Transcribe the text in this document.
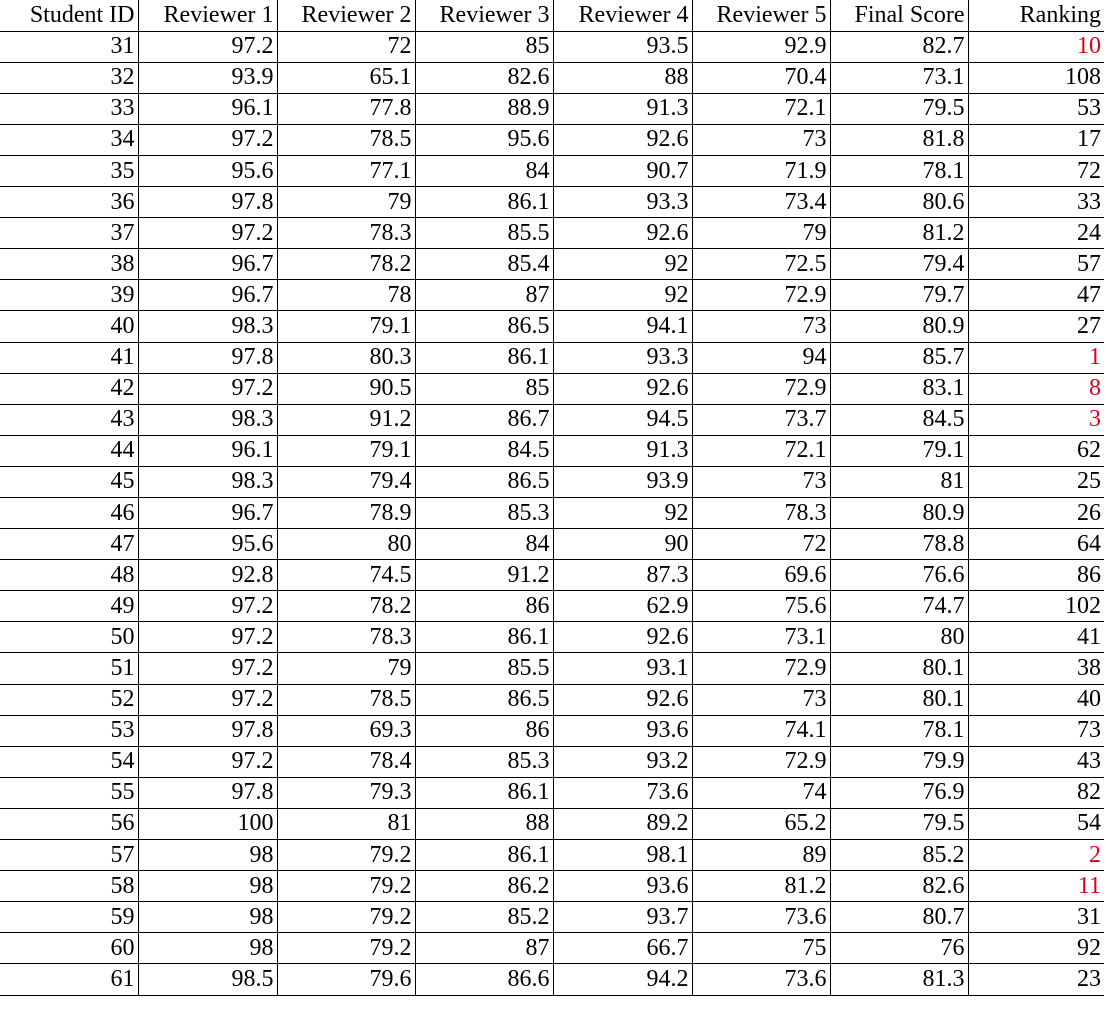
Student ID	Reviewer 1	Reviewer 2	Reviewer 3	Reviewer 4	Reviewer 5	Final Score	Ranking
31	97.2	72	85	93.5	92.9	82.7	10
32	93.9	65.1	82.6	88	70.4	73.1	108
33	96.1	77.8	88.9	91.3	72.1	79.5	53
34	97.2	78.5	95.6	92.6	73	81.8	17
35	95.6	77.1	84	90.7	71.9	78.1	72
36	97.8	79	86.1	93.3	73.4	80.6	33
37	97.2	78.3	85.5	92.6	79	81.2	24
38	96.7	78.2	85.4	92	72.5	79.4	57
39	96.7	78	87	92	72.9	79.7	47
40	98.3	79.1	86.5	94.1	73	80.9	27
41	97.8	80.3	86.1	93.3	94	85.7	1
42	97.2	90.5	85	92.6	72.9	83.1	8
43	98.3	91.2	86.7	94.5	73.7	84.5	3
44	96.1	79.1	84.5	91.3	72.1	79.1	62
45	98.3	79.4	86.5	93.9	73	81	25
46	96.7	78.9	85.3	92	78.3	80.9	26
47	95.6	80	84	90	72	78.8	64
48	92.8	74.5	91.2	87.3	69.6	76.6	86
49	97.2	78.2	86	62.9	75.6	74.7	102
50	97.2	78.3	86.1	92.6	73.1	80	41
51	97.2	79	85.5	93.1	72.9	80.1	38
52	97.2	78.5	86.5	92.6	73	80.1	40
53	97.8	69.3	86	93.6	74.1	78.1	73
54	97.2	78.4	85.3	93.2	72.9	79.9	43
55	97.8	79.3	86.1	73.6	74	76.9	82
56	100	81	88	89.2	65.2	79.5	54
57	98	79.2	86.1	98.1	89	85.2	2
58	98	79.2	86.2	93.6	81.2	82.6	11
59	98	79.2	85.2	93.7	73.6	80.7	31
60	98	79.2	87	66.7	75	76	92
61	98.5	79.6	86.6	94.2	73.6	81.3	23
